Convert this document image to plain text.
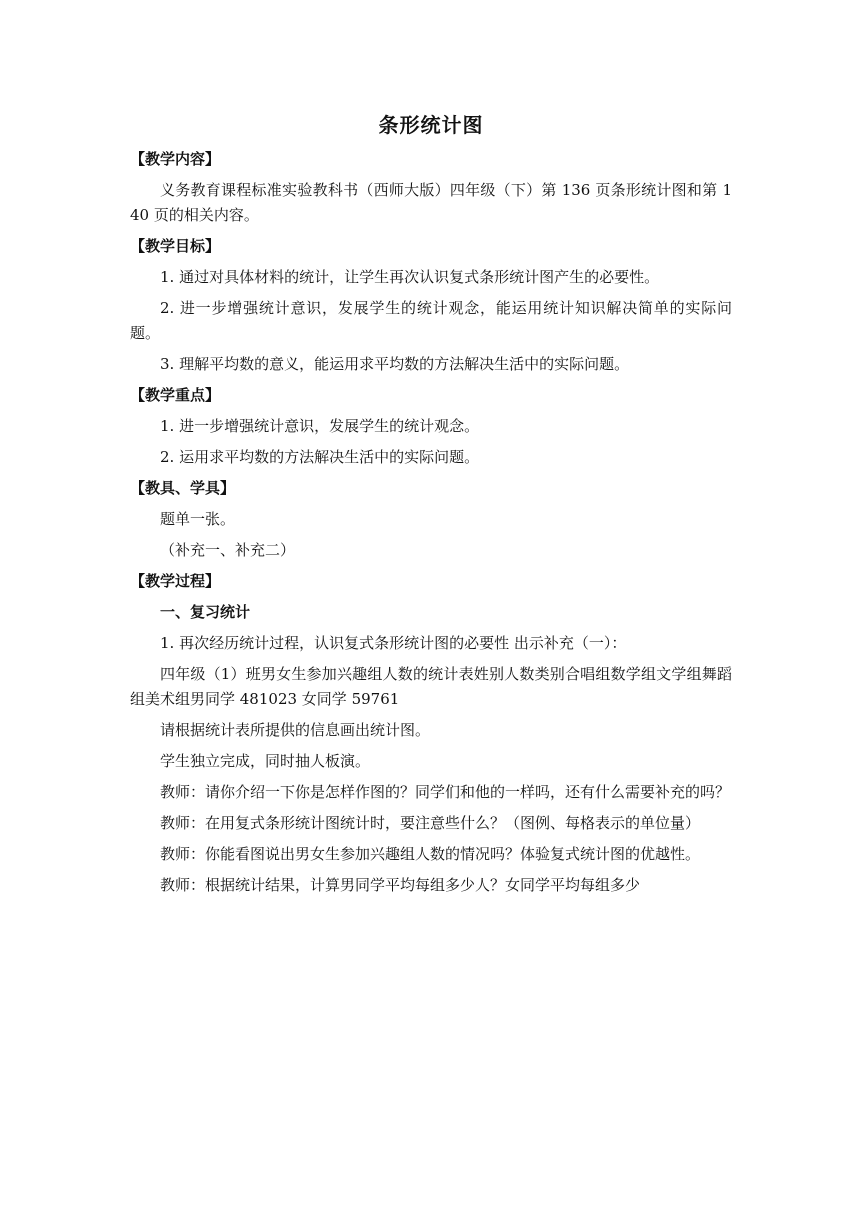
条形统计图
【教学内容】
义务教育课程标准实验教科书（西师大版）四年级（下）第 136 页条形统计图和第 140 页的相关内容。
【教学目标】
1. 通过对具体材料的统计，让学生再次认识复式条形统计图产生的必要性。
2. 进一步增强统计意识，发展学生的统计观念，能运用统计知识解决简单的实际问题。
3. 理解平均数的意义，能运用求平均数的方法解决生活中的实际问题。
【教学重点】
1. 进一步增强统计意识，发展学生的统计观念。
2. 运用求平均数的方法解决生活中的实际问题。
【教具、学具】
题单一张。
（补充一、补充二）
【教学过程】
一、复习统计
1. 再次经历统计过程，认识复式条形统计图的必要性 出示补充（一）：
四年级（1）班男女生参加兴趣组人数的统计表姓别人数类别合唱组数学组文学组舞蹈组美术组男同学 481023 女同学 59761
请根据统计表所提供的信息画出统计图。
学生独立完成，同时抽人板演。
教师：请你介绍一下你是怎样作图的？同学们和他的一样吗，还有什么需要补充的吗？
教师：在用复式条形统计图统计时，要注意些什么？（图例、每格表示的单位量）
教师：你能看图说出男女生参加兴趣组人数的情况吗？体验复式统计图的优越性。
教师：根据统计结果，计算男同学平均每组多少人？女同学平均每组多少
